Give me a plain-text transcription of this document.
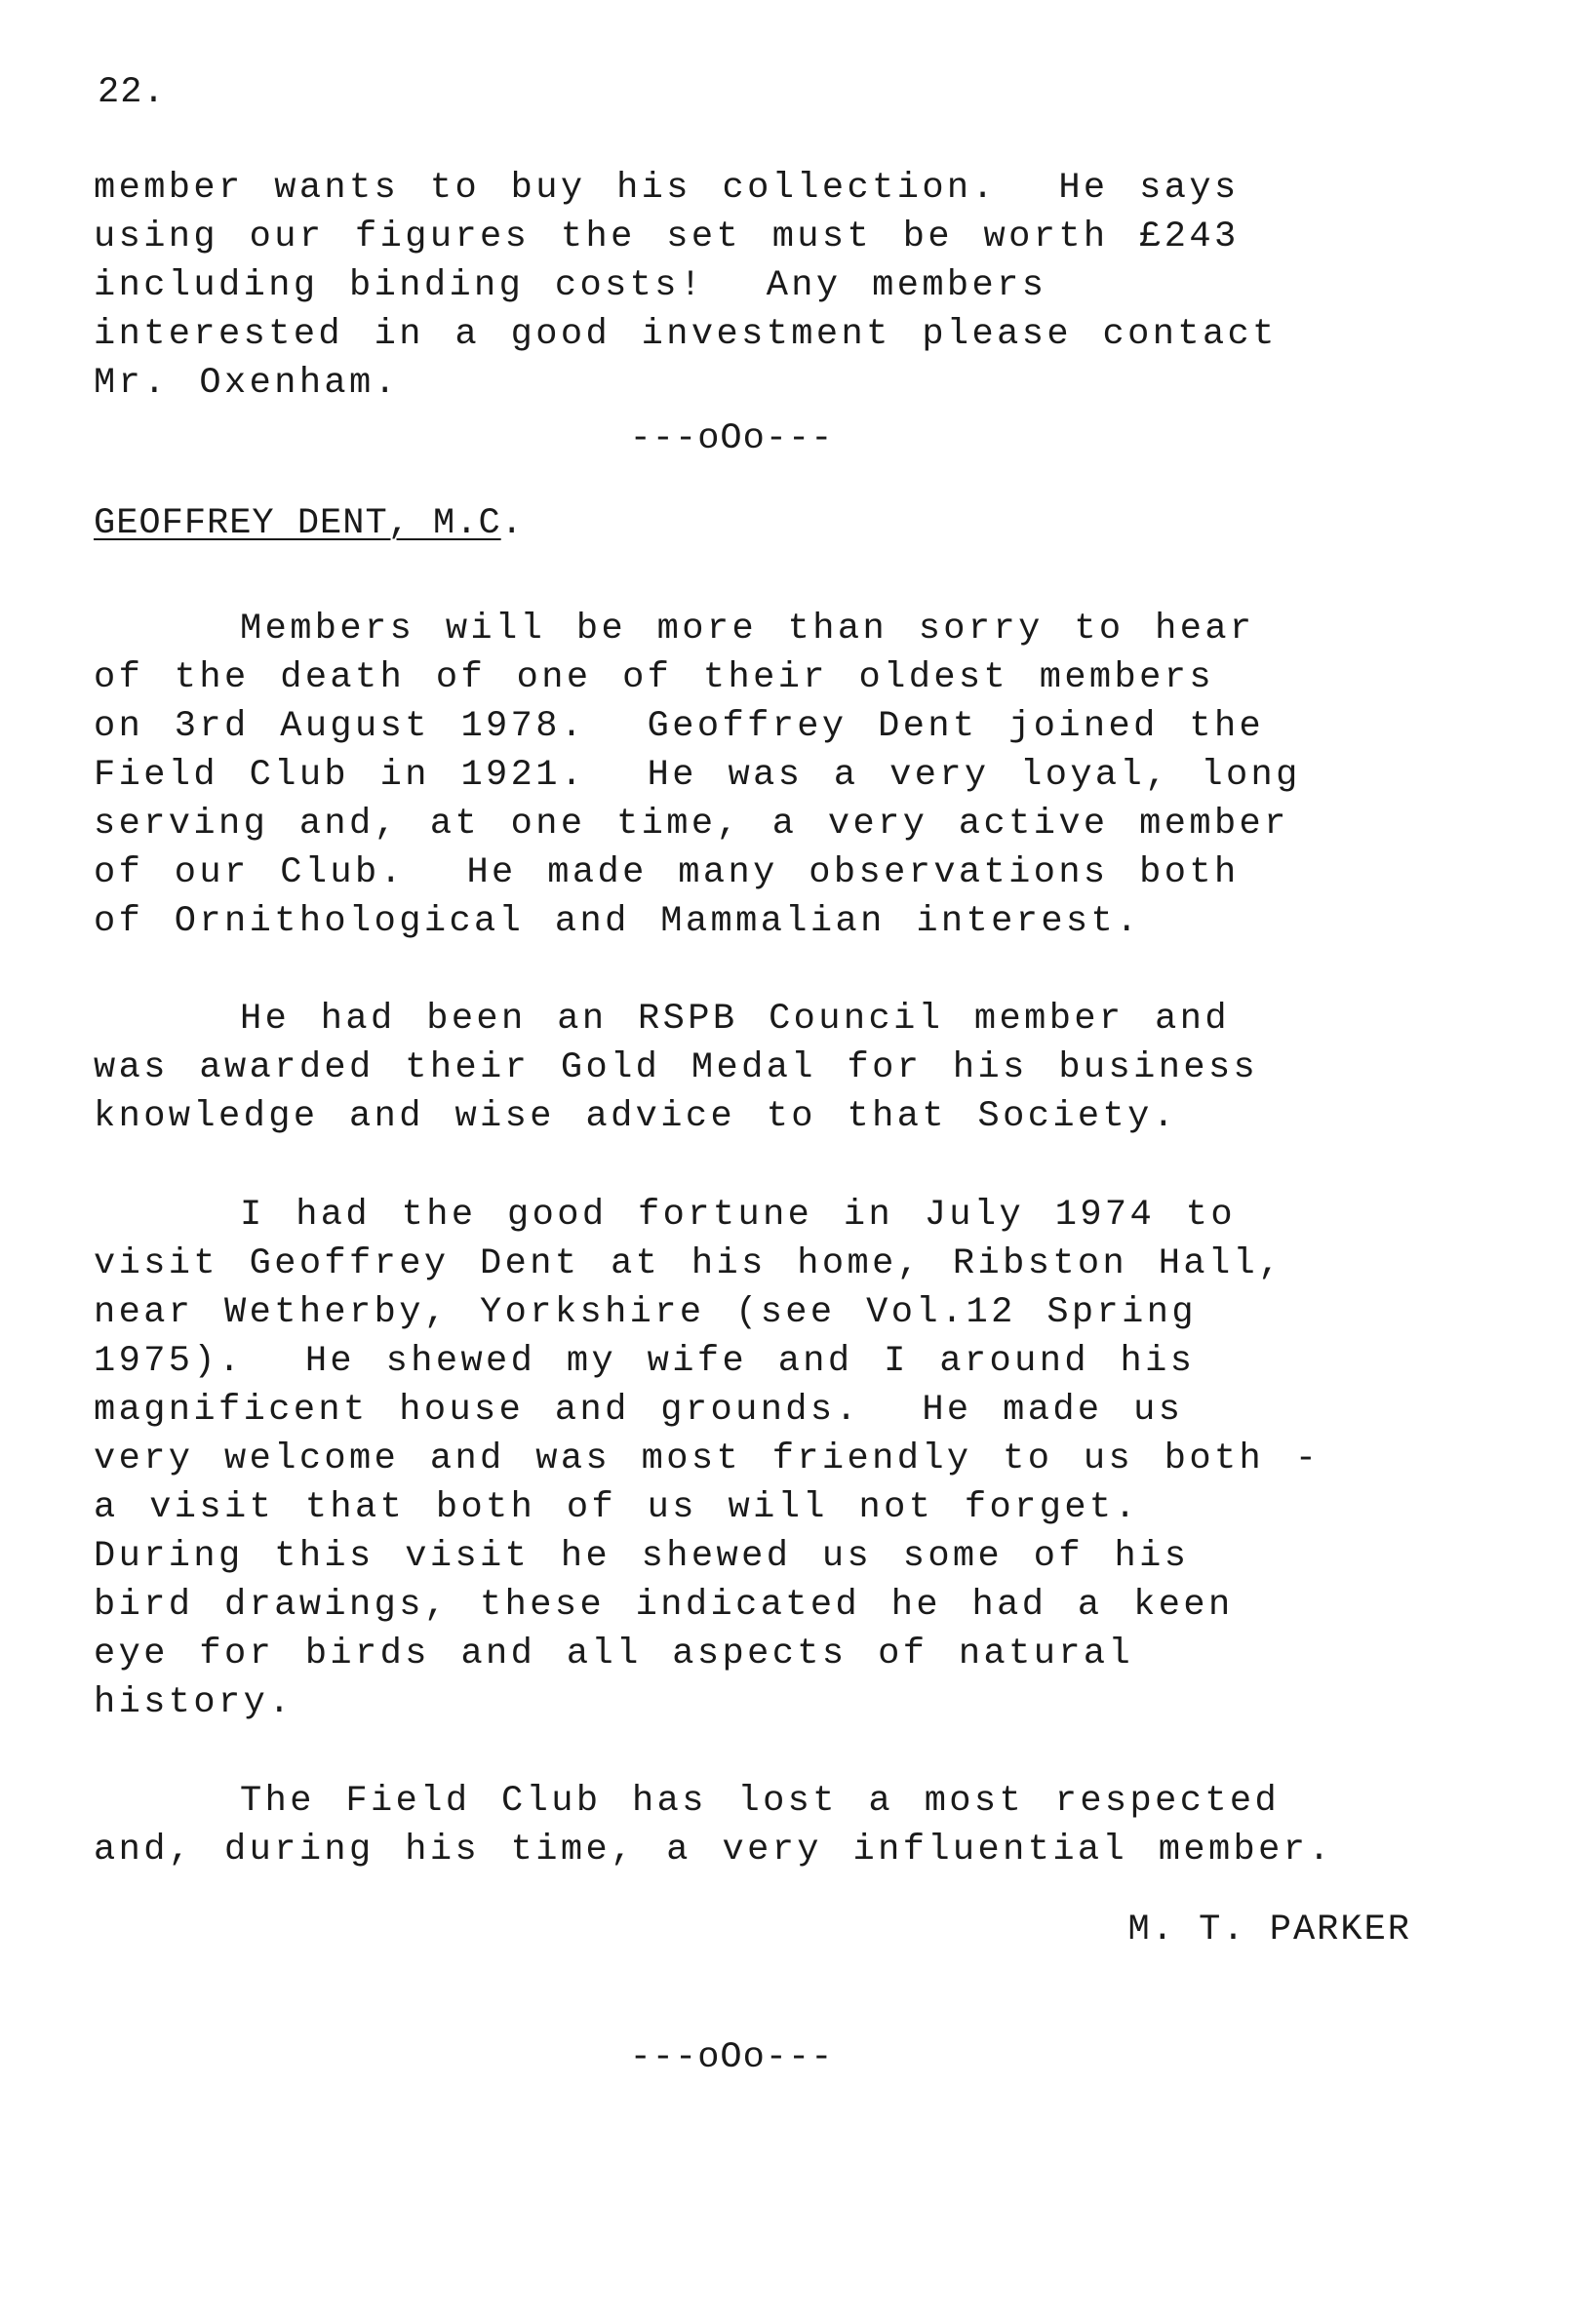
22.
member wants to buy his collection.  He says
using our figures the set must be worth £243
including binding costs!  Any members
interested in a good investment please contact
Mr. Oxenham.
---oOo---
GEOFFREY DENT, M.C.
Members will be more than sorry to hear
of the death of one of their oldest members
on 3rd August 1978.  Geoffrey Dent joined the
Field Club in 1921.  He was a very loyal, long
serving and, at one time, a very active member
of our Club.  He made many observations both
of Ornithological and Mammalian interest.
He had been an RSPB Council member and
was awarded their Gold Medal for his business
knowledge and wise advice to that Society.
I had the good fortune in July 1974 to
visit Geoffrey Dent at his home, Ribston Hall,
near Wetherby, Yorkshire (see Vol.12 Spring
1975).  He shewed my wife and I around his
magnificent house and grounds.  He made us
very welcome and was most friendly to us both -
a visit that both of us will not forget.
During this visit he shewed us some of his
bird drawings, these indicated he had a keen
eye for birds and all aspects of natural
history.
The Field Club has lost a most respected
and, during his time, a very influential member.
M. T. PARKER
---oOo---
